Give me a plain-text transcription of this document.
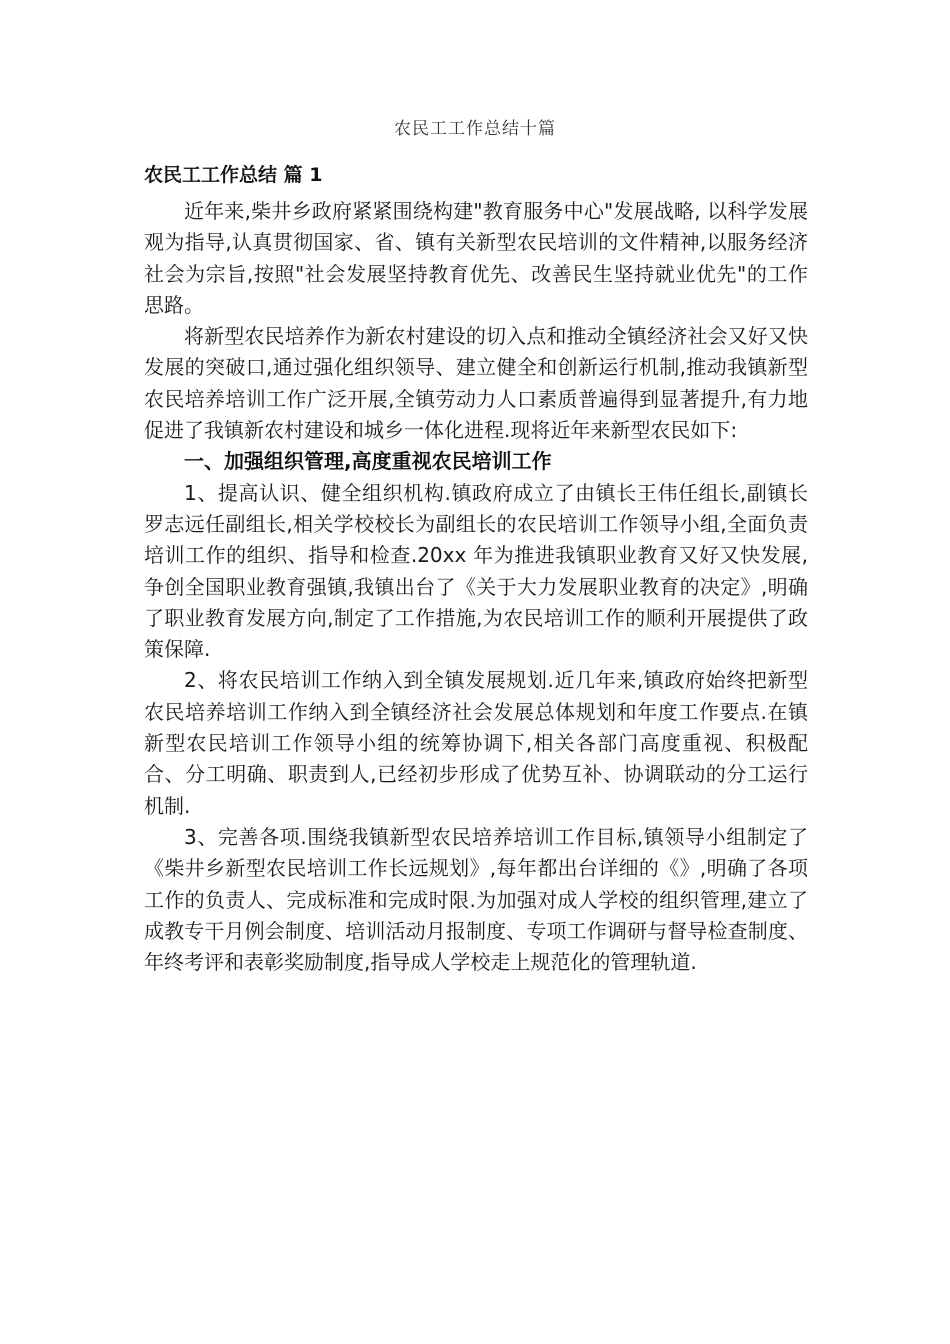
农民工工作总结十篇
农民工工作总结 篇 1

近年来,柴井乡政府紧紧围绕构建"教育服务中心"发展战略, 以科学发展观为指导,认真贯彻国家、省、镇有关新型农民培训的文件精神,以服务经济社会为宗旨,按照"社会发展坚持教育优先、改善民生坚持就业优先"的工作思路。

将新型农民培养作为新农村建设的切入点和推动全镇经济社会又好又快发展的突破口,通过强化组织领导、建立健全和创新运行机制,推动我镇新型农民培养培训工作广泛开展,全镇劳动力人口素质普遍得到显著提升,有力地促进了我镇新农村建设和城乡一体化进程.现将近年来新型农民如下:

一、加强组织管理,高度重视农民培训工作

1、提高认识、健全组织机构.镇政府成立了由镇长王伟任组长,副镇长罗志远任副组长,相关学校校长为副组长的农民培训工作领导小组,全面负责培训工作的组织、指导和检查.20xx 年为推进我镇职业教育又好又快发展,争创全国职业教育强镇,我镇出台了《关于大力发展职业教育的决定》,明确了职业教育发展方向,制定了工作措施,为农民培训工作的顺利开展提供了政策保障.

2、将农民培训工作纳入到全镇发展规划.近几年来,镇政府始终把新型农民培养培训工作纳入到全镇经济社会发展总体规划和年度工作要点.在镇新型农民培训工作领导小组的统筹协调下,相关各部门高度重视、积极配合、分工明确、职责到人,已经初步形成了优势互补、协调联动的分工运行机制.

3、完善各项.围绕我镇新型农民培养培训工作目标,镇领导小组制定了《柴井乡新型农民培训工作长远规划》,每年都出台详细的《》,明确了各项工作的负责人、完成标准和完成时限.为加强对成人学校的组织管理,建立了成教专干月例会制度、培训活动月报制度、专项工作调研与督导检查制度、年终考评和表彰奖励制度,指导成人学校走上规范化的管理轨道.
